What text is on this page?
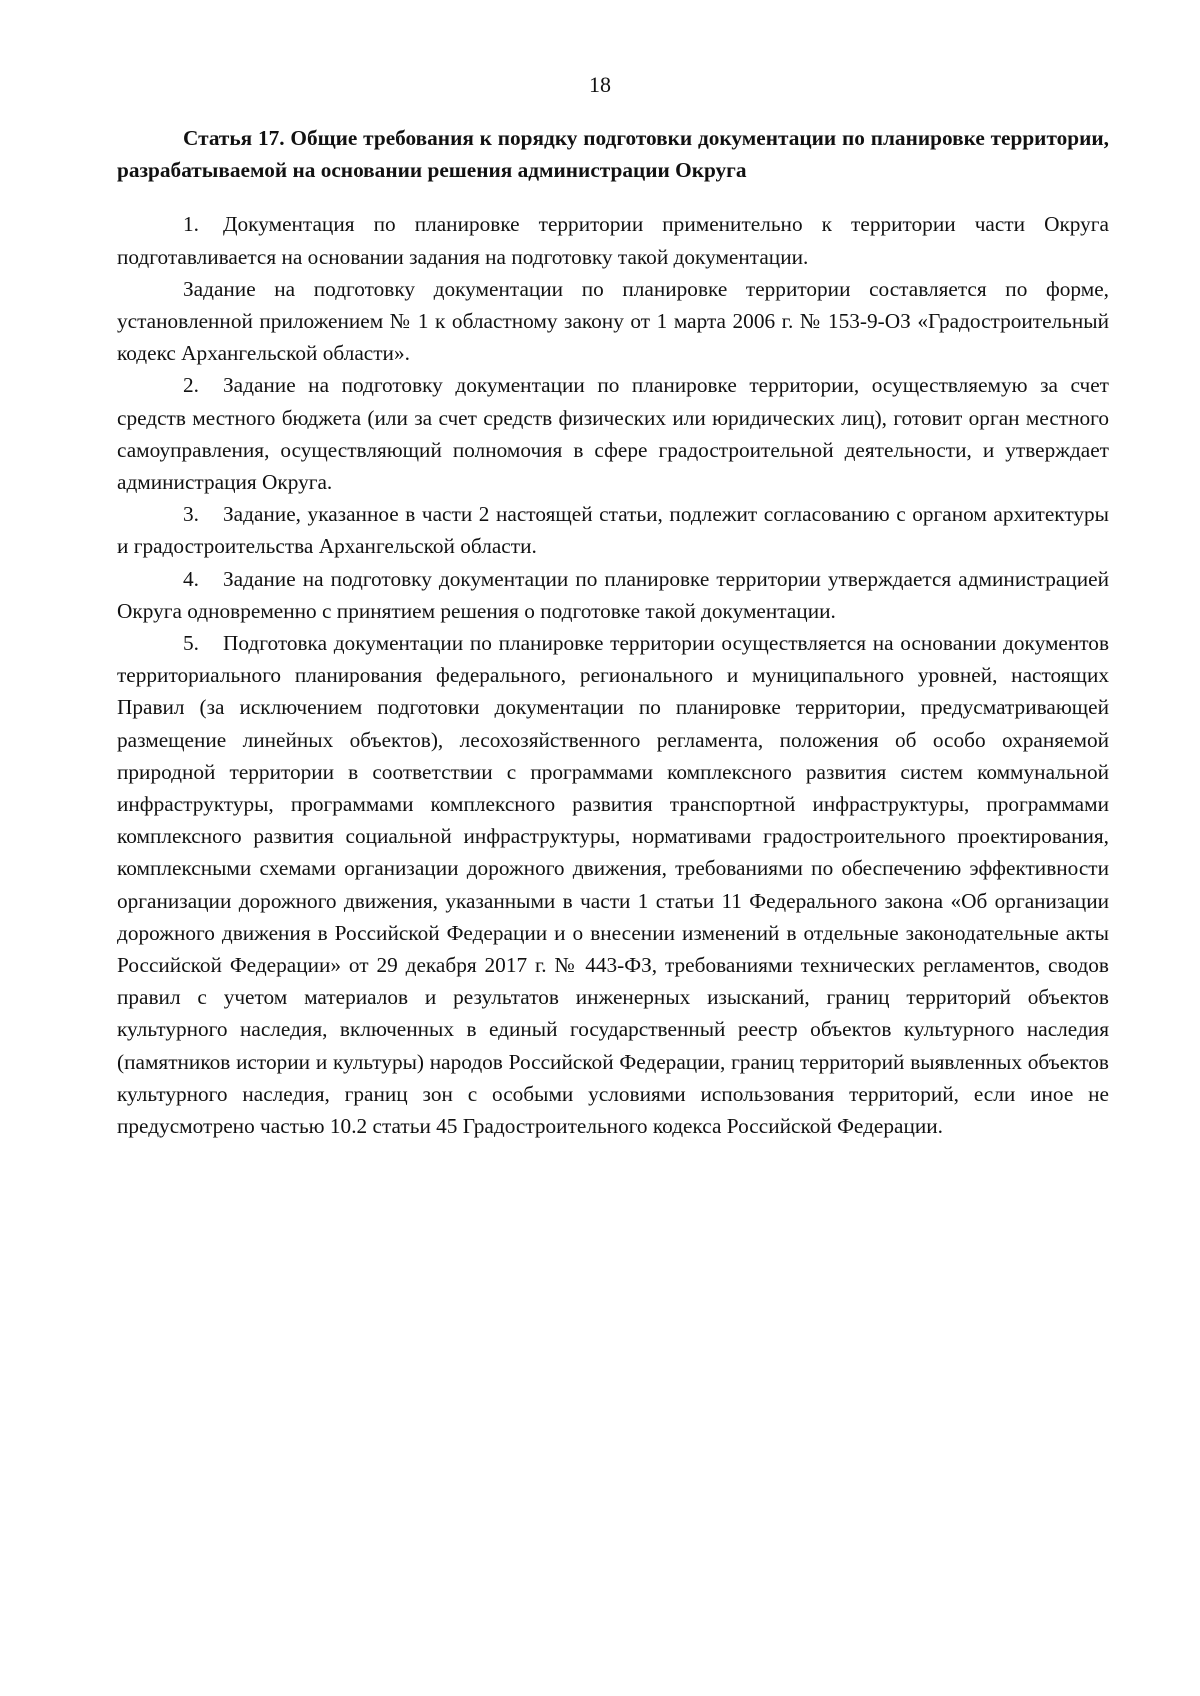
18

Статья 17. Общие требования к порядку подготовки документации по планировке территории, разрабатываемой на основании решения администрации Округа

1. Документация по планировке территории применительно к территории части Округа подготавливается на основании задания на подготовку такой документации.

Задание на подготовку документации по планировке территории составляется по форме, установленной приложением № 1 к областному закону от 1 марта 2006 г. № 153-9-ОЗ «Градостроительный кодекс Архангельской области».

2. Задание на подготовку документации по планировке территории, осуществляемую за счет средств местного бюджета (или за счет средств физических или юридических лиц), готовит орган местного самоуправления, осуществляющий полномочия в сфере градостроительной деятельности, и утверждает администрация Округа.

3. Задание, указанное в части 2 настоящей статьи, подлежит согласованию с органом архитектуры и градостроительства Архангельской области.

4. Задание на подготовку документации по планировке территории утверждается администрацией Округа одновременно с принятием решения о подготовке такой документации.

5. Подготовка документации по планировке территории осуществляется на основании документов территориального планирования федерального, регионального и муниципального уровней, настоящих Правил (за исключением подготовки документации по планировке территории, предусматривающей размещение линейных объектов), лесохозяйственного регламента, положения об особо охраняемой природной территории в соответствии с программами комплексного развития систем коммунальной инфраструктуры, программами комплексного развития транспортной инфраструктуры, программами комплексного развития социальной инфраструктуры, нормативами градостроительного проектирования, комплексными схемами организации дорожного движения, требованиями по обеспечению эффективности организации дорожного движения, указанными в части 1 статьи 11 Федерального закона «Об организации дорожного движения в Российской Федерации и о внесении изменений в отдельные законодательные акты Российской Федерации» от 29 декабря 2017 г. № 443-ФЗ, требованиями технических регламентов, сводов правил с учетом материалов и результатов инженерных изысканий, границ территорий объектов культурного наследия, включенных в единый государственный реестр объектов культурного наследия (памятников истории и культуры) народов Российской Федерации, границ территорий выявленных объектов культурного наследия, границ зон с особыми условиями использования территорий, если иное не предусмотрено частью 10.2 статьи 45 Градостроительного кодекса Российской Федерации.
